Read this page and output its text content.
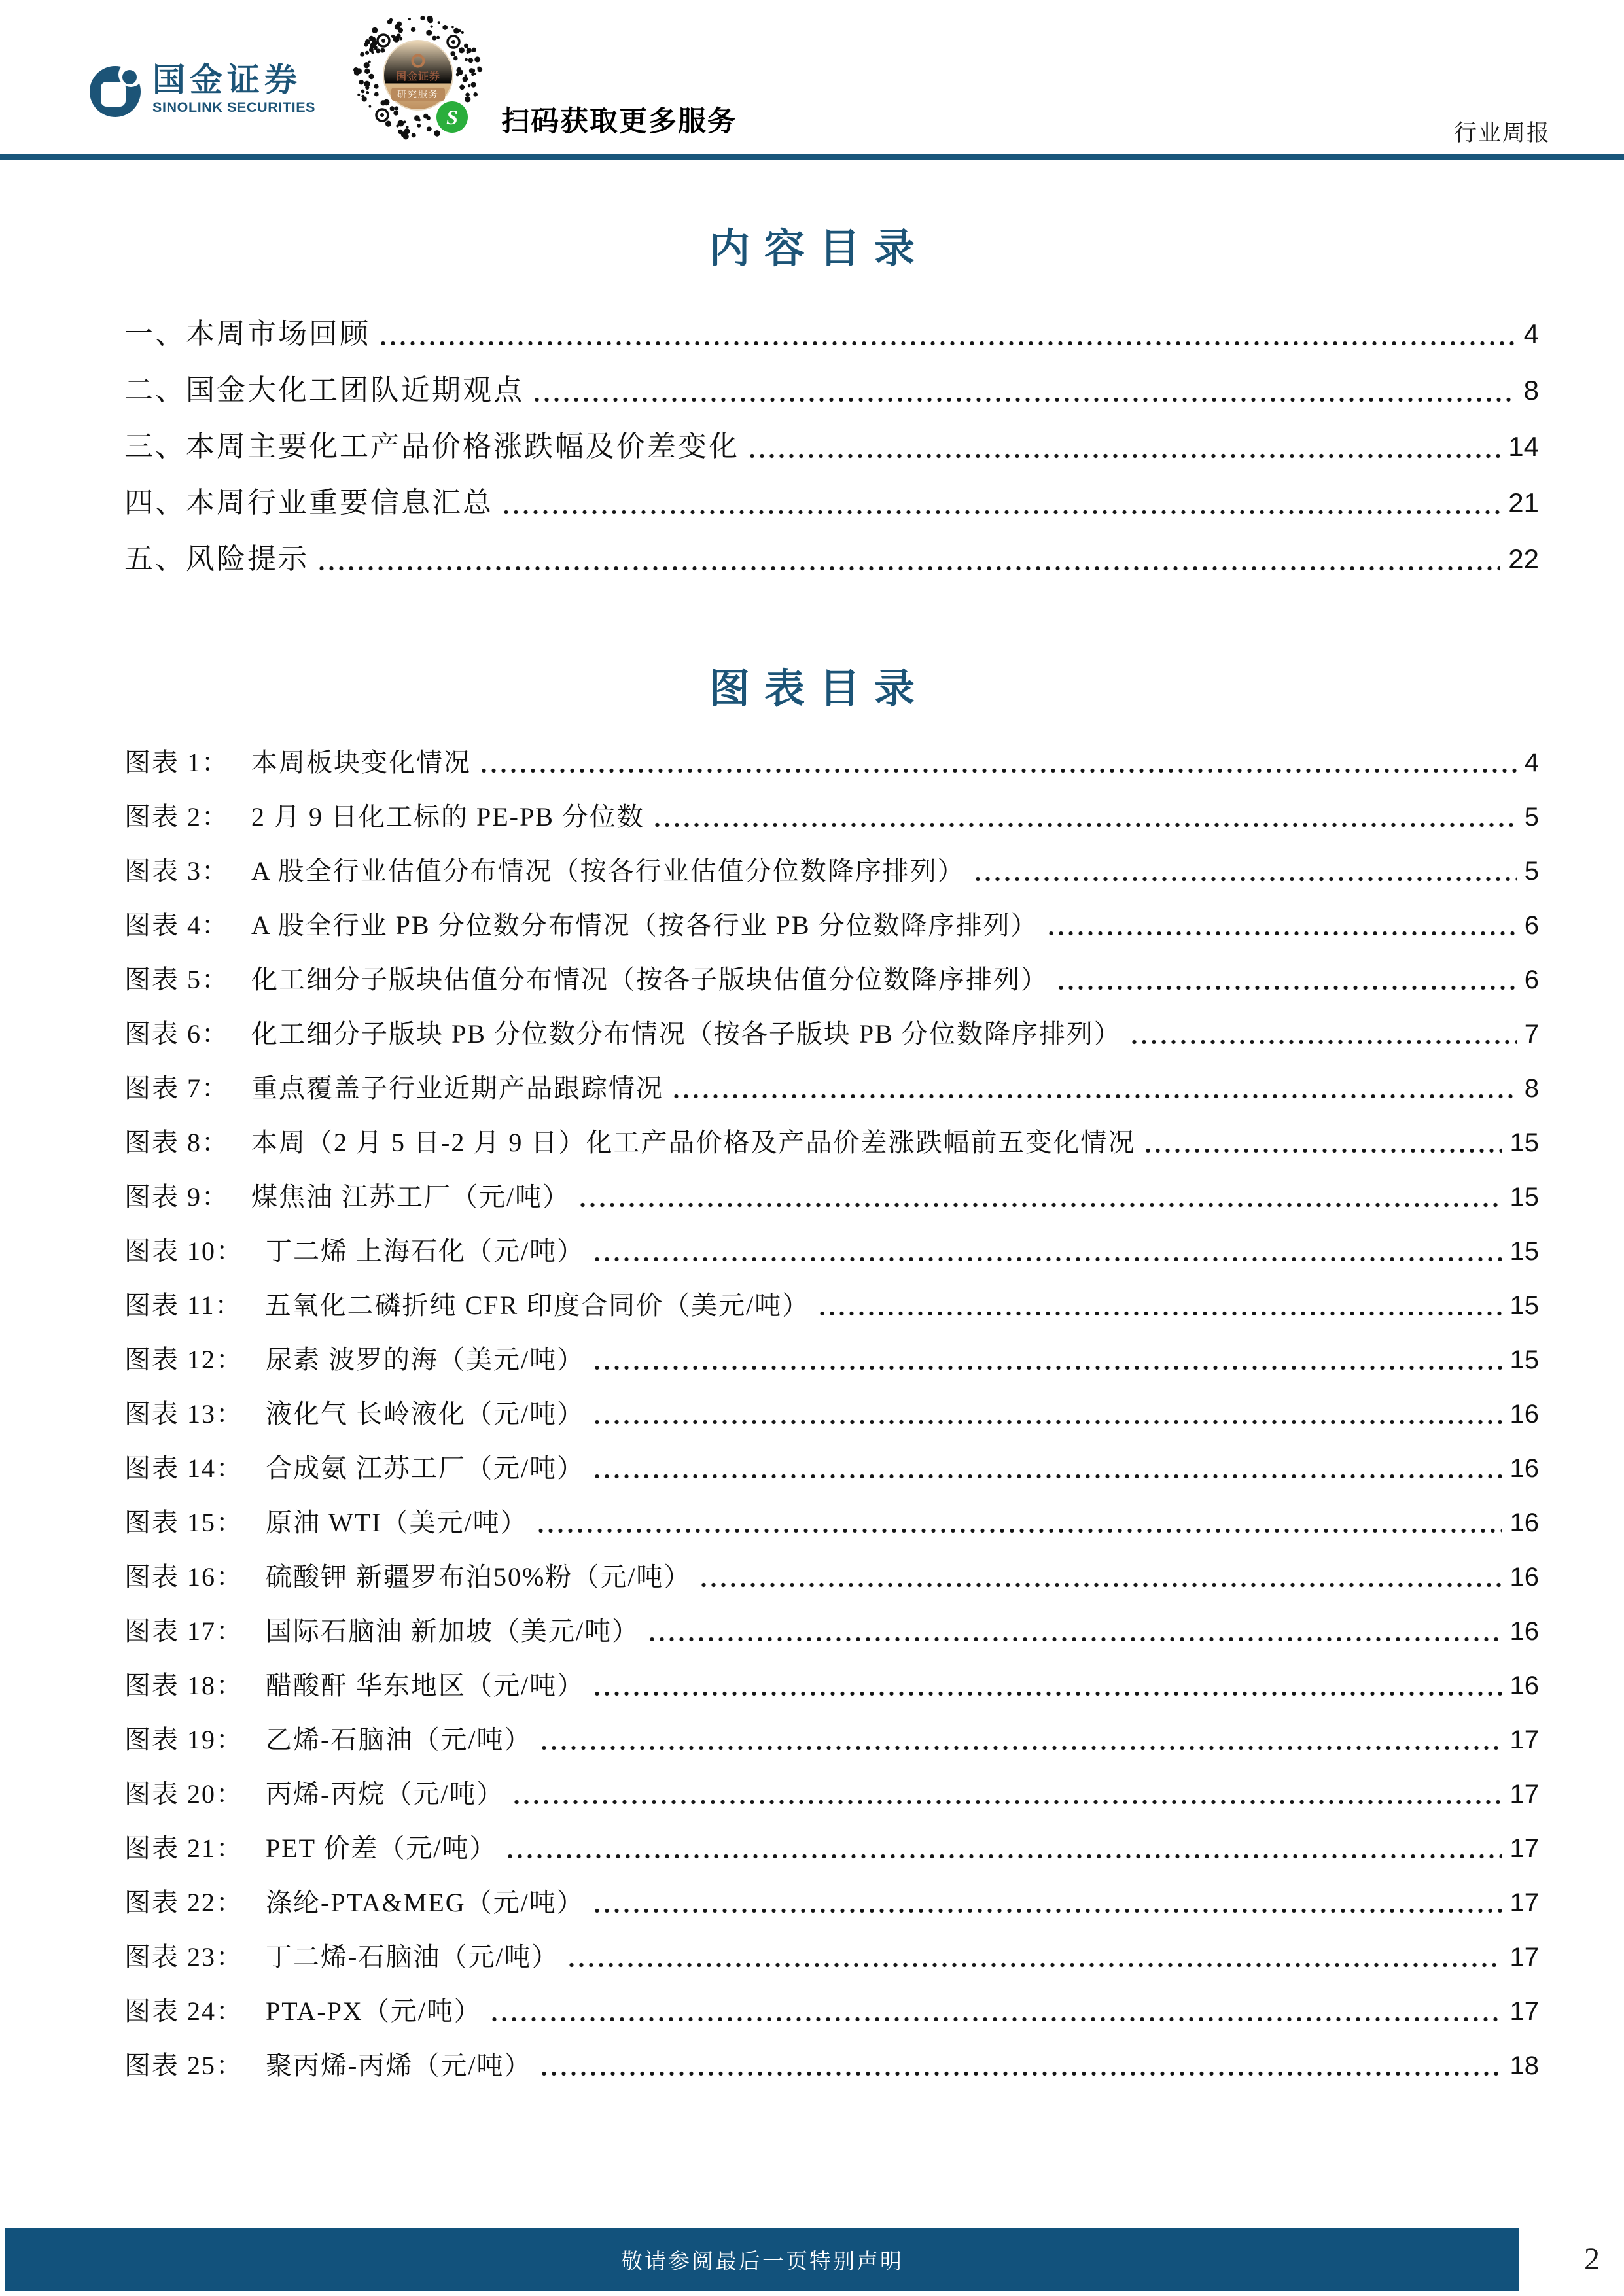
国金证券
SINOLINK SECURITIES
国金证券
研究服务
S 扫码获取更多服务	行业周报
内容目录
一、本周市场回顾	4
二、国金大化工团队近期观点	8
三、本周主要化工产品价格涨跌幅及价差变化	14
四、本周行业重要信息汇总	21
五、风险提示	22
图表目录
图表 1： 本周板块变化情况	4
图表 2： 2 月 9 日化工标的 PE-PB 分位数	5
图表 3： A 股全行业估值分布情况（按各行业估值分位数降序排列）	5
图表 4： A 股全行业 PB 分位数分布情况（按各行业 PB 分位数降序排列）	6
图表 5： 化工细分子版块估值分布情况（按各子版块估值分位数降序排列）	6
图表 6： 化工细分子版块 PB 分位数分布情况（按各子版块 PB 分位数降序排列）	7
图表 7： 重点覆盖子行业近期产品跟踪情况	8
图表 8： 本周（2 月 5 日-2 月 9 日）化工产品价格及产品价差涨跌幅前五变化情况	15
图表 9： 煤焦油 江苏工厂（元/吨）	15
图表 10： 丁二烯 上海石化（元/吨）	15
图表 11： 五氧化二磷折纯 CFR 印度合同价（美元/吨）	15
图表 12： 尿素 波罗的海（美元/吨）	15
图表 13： 液化气 长岭液化（元/吨）	16
图表 14： 合成氨 江苏工厂（元/吨）	16
图表 15： 原油 WTI（美元/吨）	16
图表 16： 硫酸钾 新疆罗布泊50%粉（元/吨）	16
图表 17： 国际石脑油 新加坡（美元/吨）	16
图表 18： 醋酸酐 华东地区（元/吨）	16
图表 19： 乙烯-石脑油（元/吨）	17
图表 20： 丙烯-丙烷（元/吨）	17
图表 21： PET 价差（元/吨）	17
图表 22： 涤纶-PTA&MEG（元/吨）	17
图表 23： 丁二烯-石脑油（元/吨）	17
图表 24： PTA-PX（元/吨）	17
图表 25： 聚丙烯-丙烯（元/吨）	18
敬请参阅最后一页特别声明	2
